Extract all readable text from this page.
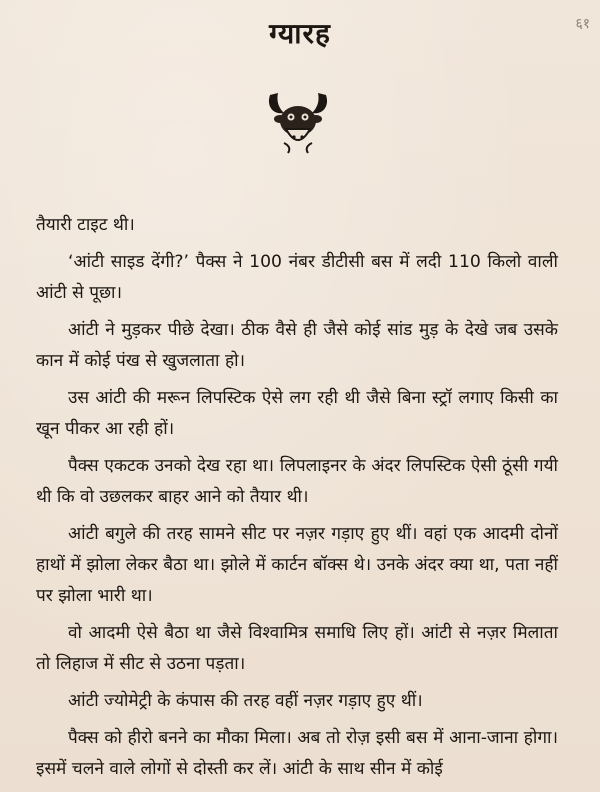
६१
ग्यारह

तैयारी टाइट थी।

‘आंटी साइड देंगी?’ पैक्स ने 100 नंबर डीटीसी बस में लदी 110 किलो वाली आंटी से पूछा।

आंटी ने मुड़कर पीछे देखा। ठीक वैसे ही जैसे कोई सांड मुड़ के देखे जब उसके कान में कोई पंख से खुजलाता हो।

उस आंटी की मरून लिपस्टिक ऐसे लग रही थी जैसे बिना स्ट्रॉ लगाए किसी का खून पीकर आ रही हों।

पैक्स एकटक उनको देख रहा था। लिपलाइनर के अंदर लिपस्टिक ऐसी ठूंसी गयी थी कि वो उछलकर बाहर आने को तैयार थी।

आंटी बगुले की तरह सामने सीट पर नज़र गड़ाए हुए थीं। वहां एक आदमी दोनों हाथों में झोला लेकर बैठा था। झोले में कार्टन बॉक्स थे। उनके अंदर क्या था, पता नहीं पर झोला भारी था।

वो आदमी ऐसे बैठा था जैसे विश्वामित्र समाधि लिए हों। आंटी से नज़र मिलाता तो लिहाज में सीट से उठना पड़ता।

आंटी ज्योमेट्री के कंपास की तरह वहीं नज़र गड़ाए हुए थीं।

पैक्स को हीरो बनने का मौका मिला। अब तो रोज़ इसी बस में आना-जाना होगा। इसमें चलने वाले लोगों से दोस्ती कर लें। आंटी के साथ सीन में कोई
